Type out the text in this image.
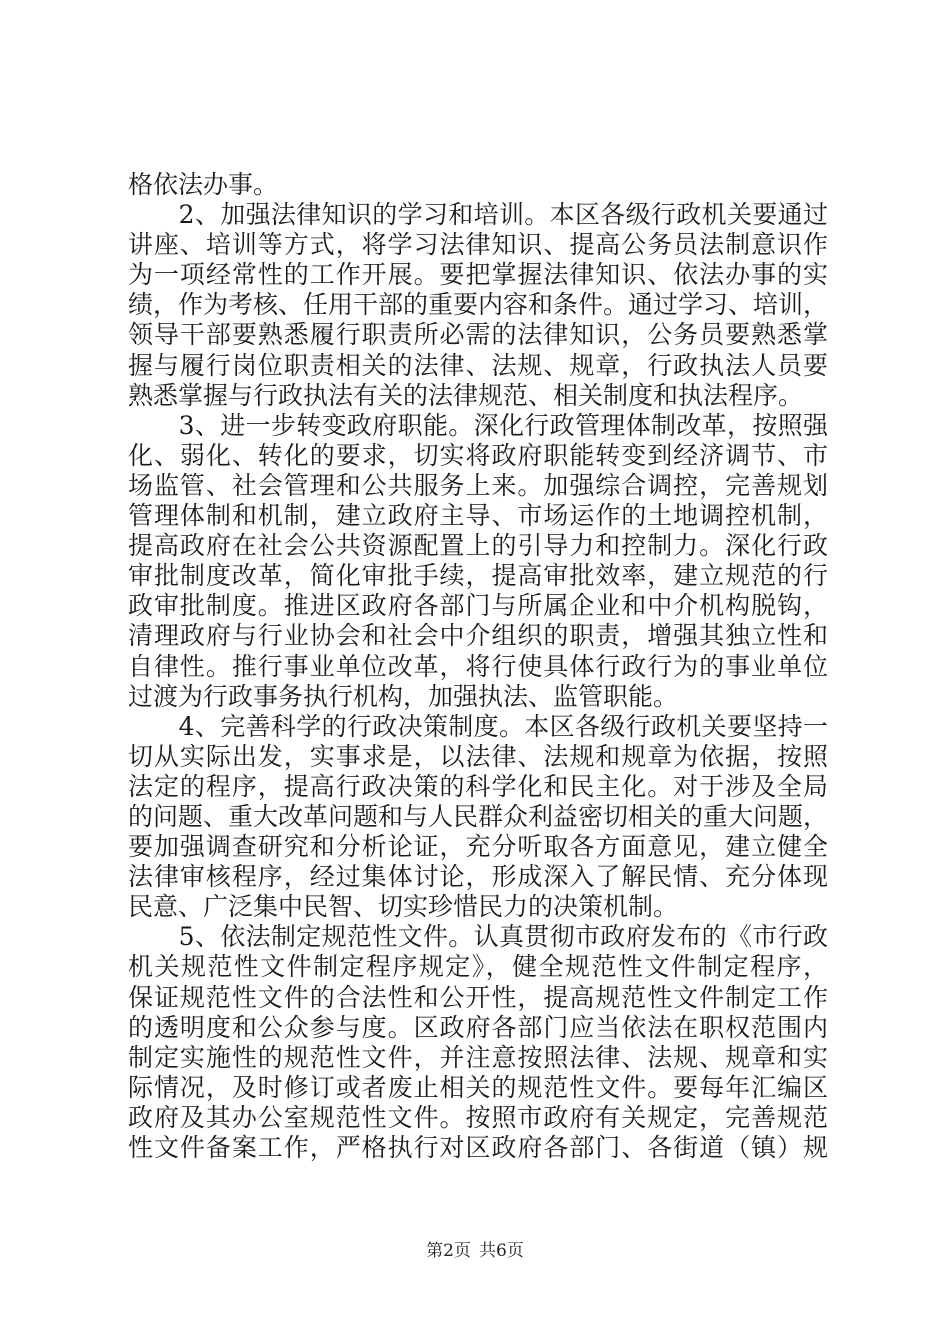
格依法办事。
　　2、加强法律知识的学习和培训。本区各级行政机关要通过
讲座、培训等方式，将学习法律知识、提高公务员法制意识作
为一项经常性的工作开展。要把掌握法律知识、依法办事的实
绩，作为考核、任用干部的重要内容和条件。通过学习、培训，
领导干部要熟悉履行职责所必需的法律知识，公务员要熟悉掌
握与履行岗位职责相关的法律、法规、规章，行政执法人员要
熟悉掌握与行政执法有关的法律规范、相关制度和执法程序。
　　3、进一步转变政府职能。深化行政管理体制改革，按照强
化、弱化、转化的要求，切实将政府职能转变到经济调节、市
场监管、社会管理和公共服务上来。加强综合调控，完善规划
管理体制和机制，建立政府主导、市场运作的土地调控机制，
提高政府在社会公共资源配置上的引导力和控制力。深化行政
审批制度改革，简化审批手续，提高审批效率，建立规范的行
政审批制度。推进区政府各部门与所属企业和中介机构脱钩，
清理政府与行业协会和社会中介组织的职责，增强其独立性和
自律性。推行事业单位改革，将行使具体行政行为的事业单位
过渡为行政事务执行机构，加强执法、监管职能。
　　4、完善科学的行政决策制度。本区各级行政机关要坚持一
切从实际出发，实事求是，以法律、法规和规章为依据，按照
法定的程序，提高行政决策的科学化和民主化。对于涉及全局
的问题、重大改革问题和与人民群众利益密切相关的重大问题，
要加强调查研究和分析论证，充分听取各方面意见，建立健全
法律审核程序，经过集体讨论，形成深入了解民情、充分体现
民意、广泛集中民智、切实珍惜民力的决策机制。
　　5、依法制定规范性文件。认真贯彻市政府发布的《市行政
机关规范性文件制定程序规定》，健全规范性文件制定程序，
保证规范性文件的合法性和公开性，提高规范性文件制定工作
的透明度和公众参与度。区政府各部门应当依法在职权范围内
制定实施性的规范性文件，并注意按照法律、法规、规章和实
际情况，及时修订或者废止相关的规范性文件。要每年汇编区
政府及其办公室规范性文件。按照市政府有关规定，完善规范
性文件备案工作，严格执行对区政府各部门、各街道（镇）规
第2页 共6页
